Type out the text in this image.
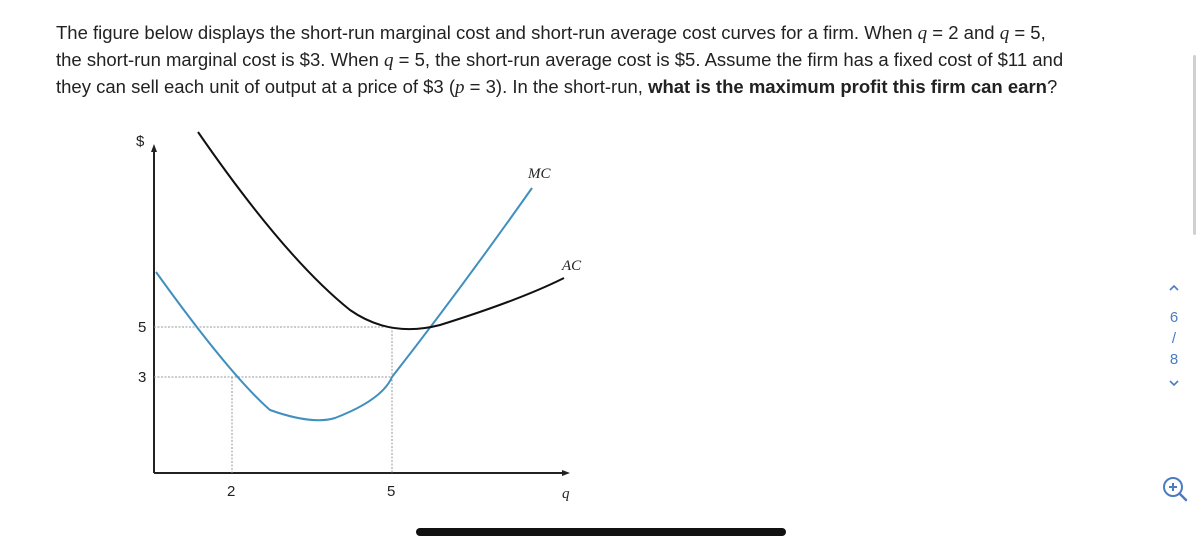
The figure below displays the short-run marginal cost and short-run average cost curves for a firm. When q = 2 and q = 5,

the short-run marginal cost is $3. When q = 5, the short-run average cost is $5. Assume the firm has a fixed cost of $11 and

they can sell each unit of output at a price of $3 (p = 3). In the short-run, what is the maximum profit this firm can earn?

$
q
5
3
2	5
MC
AC
6
/
8
